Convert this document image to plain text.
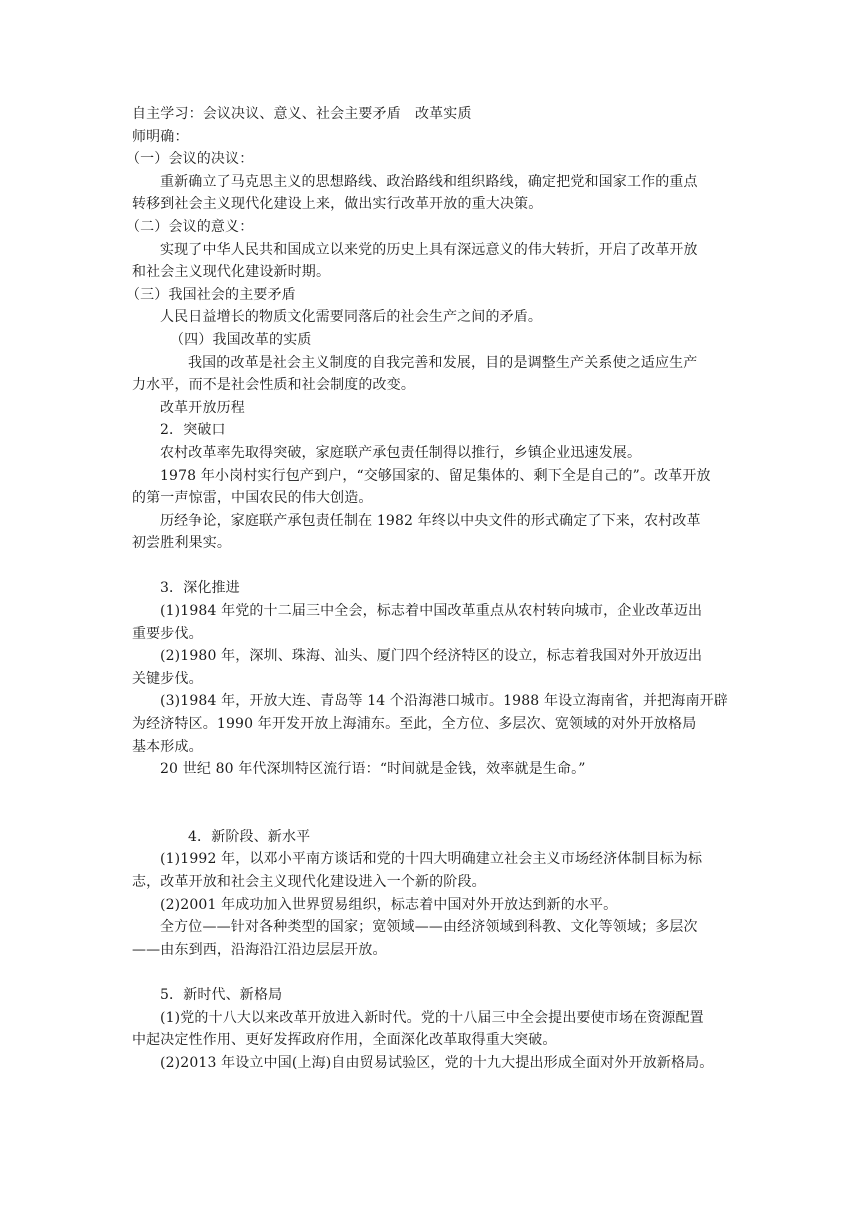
自主学习：会议决议、意义、社会主要矛盾　改革实质

师明确：

（一）会议的决议：

重新确立了马克思主义的思想路线、政治路线和组织路线，确定把党和国家工作的重点

转移到社会主义现代化建设上来，做出实行改革开放的重大决策。

（二）会议的意义：

实现了中华人民共和国成立以来党的历史上具有深远意义的伟大转折，开启了改革开放

和社会主义现代化建设新时期。

（三）我国社会的主要矛盾

人民日益增长的物质文化需要同落后的社会生产之间的矛盾。

（四）我国改革的实质

我国的改革是社会主义制度的自我完善和发展，目的是调整生产关系使之适应生产

力水平，而不是社会性质和社会制度的改变。

改革开放历程

2．突破口

农村改革率先取得突破，家庭联产承包责任制得以推行，乡镇企业迅速发展。

1978 年小岗村实行包产到户，“交够国家的、留足集体的、剩下全是自己的”。改革开放

的第一声惊雷，中国农民的伟大创造。

历经争论，家庭联产承包责任制在 1982 年终以中央文件的形式确定了下来，农村改革

初尝胜利果实。

3．深化推进

(1)1984 年党的十二届三中全会，标志着中国改革重点从农村转向城市，企业改革迈出

重要步伐。

(2)1980 年，深圳、珠海、汕头、厦门四个经济特区的设立，标志着我国对外开放迈出

关键步伐。

(3)1984 年，开放大连、青岛等 14 个沿海港口城市。1988 年设立海南省，并把海南开辟

为经济特区。1990 年开发开放上海浦东。至此，全方位、多层次、宽领域的对外开放格局

基本形成。

20 世纪 80 年代深圳特区流行语：“时间就是金钱，效率就是生命。”

4．新阶段、新水平

(1)1992 年，以邓小平南方谈话和党的十四大明确建立社会主义市场经济体制目标为标

志，改革开放和社会主义现代化建设进入一个新的阶段。

(2)2001 年成功加入世界贸易组织，标志着中国对外开放达到新的水平。

全方位——针对各种类型的国家；宽领域——由经济领域到科教、文化等领域；多层次

——由东到西，沿海沿江沿边层层开放。

5．新时代、新格局

(1)党的十八大以来改革开放进入新时代。党的十八届三中全会提出要使市场在资源配置

中起决定性作用、更好发挥政府作用，全面深化改革取得重大突破。

(2)2013 年设立中国(上海)自由贸易试验区，党的十九大提出形成全面对外开放新格局。
